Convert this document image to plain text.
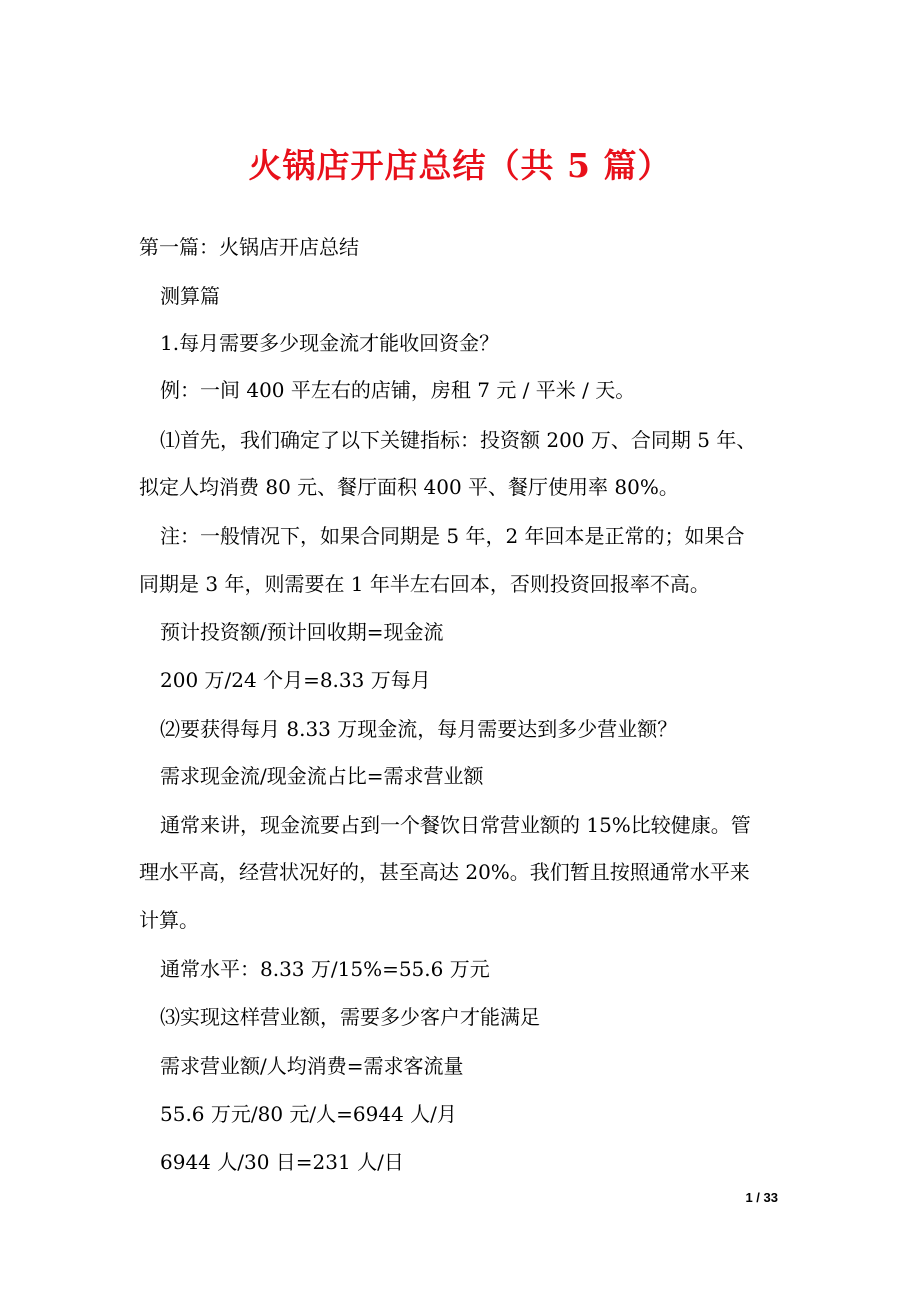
火锅店开店总结（共 5 篇）
第一篇：火锅店开店总结
测算篇
1.每月需要多少现金流才能收回资金？
例：一间 400 平左右的店铺，房租 7 元 / 平米 / 天。
⑴首先，我们确定了以下关键指标：投资额 200 万、合同期 5 年、
拟定人均消费 80 元、餐厅面积 400 平、餐厅使用率 80%。
注：一般情况下，如果合同期是 5 年，2 年回本是正常的；如果合
同期是 3 年，则需要在 1 年半左右回本，否则投资回报率不高。
预计投资额/预计回收期=现金流
200 万/24 个月=8.33 万每月
⑵要获得每月 8.33 万现金流，每月需要达到多少营业额？
需求现金流/现金流占比=需求营业额
通常来讲，现金流要占到一个餐饮日常营业额的 15%比较健康。管
理水平高，经营状况好的，甚至高达 20%。我们暂且按照通常水平来
计算。
通常水平：8.33 万/15%=55.6 万元
⑶实现这样营业额，需要多少客户才能满足
需求营业额/人均消费=需求客流量
55.6 万元/80 元/人=6944 人/月
6944 人/30 日=231 人/日
1 / 33
